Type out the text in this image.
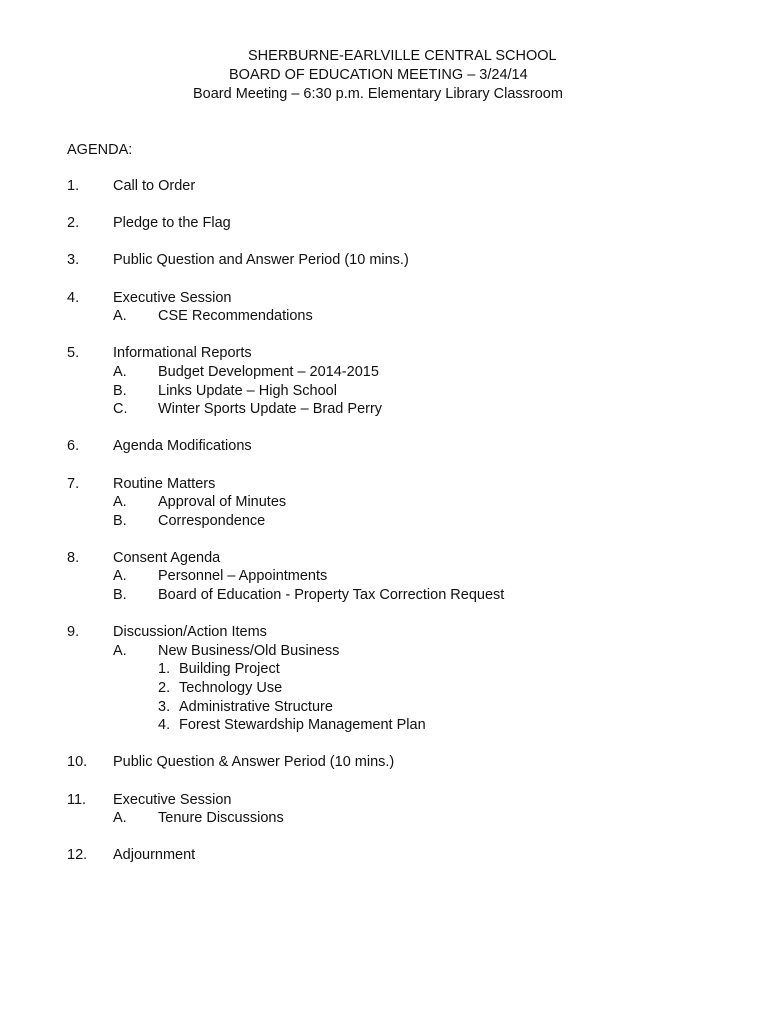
SHERBURNE-EARLVILLE CENTRAL SCHOOL
BOARD OF EDUCATION MEETING – 3/24/14
Board Meeting – 6:30 p.m. Elementary Library Classroom
AGENDA:
1. Call to Order
2. Pledge to the Flag
3. Public Question and Answer Period (10 mins.)
4. Executive Session
A. CSE Recommendations
5. Informational Reports
A. Budget Development – 2014-2015
B. Links Update – High School
C. Winter Sports Update – Brad Perry
6. Agenda Modifications
7. Routine Matters
A. Approval of Minutes
B. Correspondence
8. Consent Agenda
A. Personnel – Appointments
B. Board of Education - Property Tax Correction Request
9. Discussion/Action Items
A. New Business/Old Business
1. Building Project
2. Technology Use
3. Administrative Structure
4. Forest Stewardship Management Plan
10. Public Question & Answer Period (10 mins.)
11. Executive Session
A. Tenure Discussions
12. Adjournment
